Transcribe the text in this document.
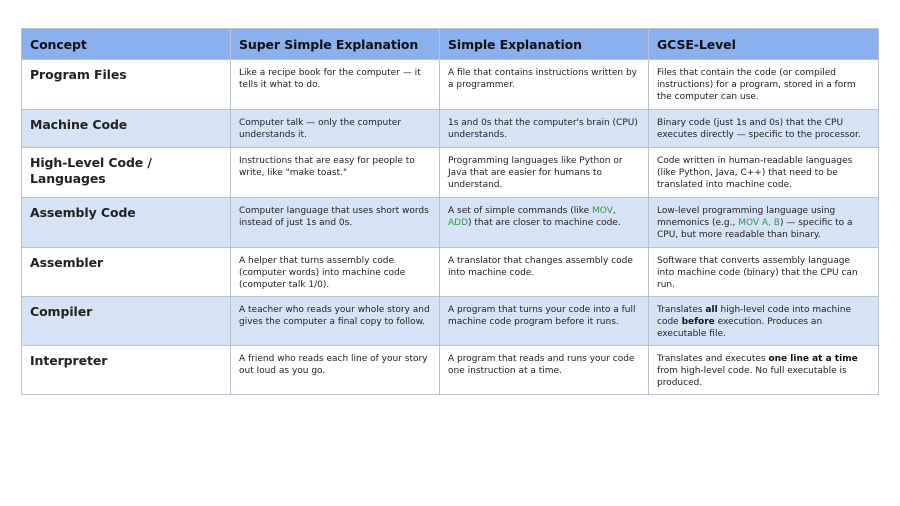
Concept	Super Simple Explanation	Simple Explanation	GCSE-Level
Program Files	Like a recipe book for the computer — it tells it what to do.	A file that contains instructions written by a programmer.	Files that contain the code (or compiled instructions) for a program, stored in a form the computer can use.
Machine Code	Computer talk — only the computer understands it.	1s and 0s that the computer's brain (CPU) understands.	Binary code (just 1s and 0s) that the CPU executes directly — specific to the processor.
High-Level Code / Languages	Instructions that are easy for people to write, like "make toast."	Programming languages like Python or Java that are easier for humans to understand.	Code written in human-readable languages (like Python, Java, C++) that need to be translated into machine code.
Assembly Code	Computer language that uses short words instead of just 1s and 0s.	A set of simple commands (like MOV, ADD) that are closer to machine code.	Low-level programming language using mnemonics (e.g., MOV A, B) — specific to a CPU, but more readable than binary.
Assembler	A helper that turns assembly code (computer words) into machine code (computer talk 1/0).	A translator that changes assembly code into machine code.	Software that converts assembly language into machine code (binary) that the CPU can run.
Compiler	A teacher who reads your whole story and gives the computer a final copy to follow.	A program that turns your code into a full machine code program before it runs.	Translates all high-level code into machine code before execution. Produces an executable file.
Interpreter	A friend who reads each line of your story out loud as you go.	A program that reads and runs your code one instruction at a time.	Translates and executes one line at a time from high-level code. No full executable is produced.
